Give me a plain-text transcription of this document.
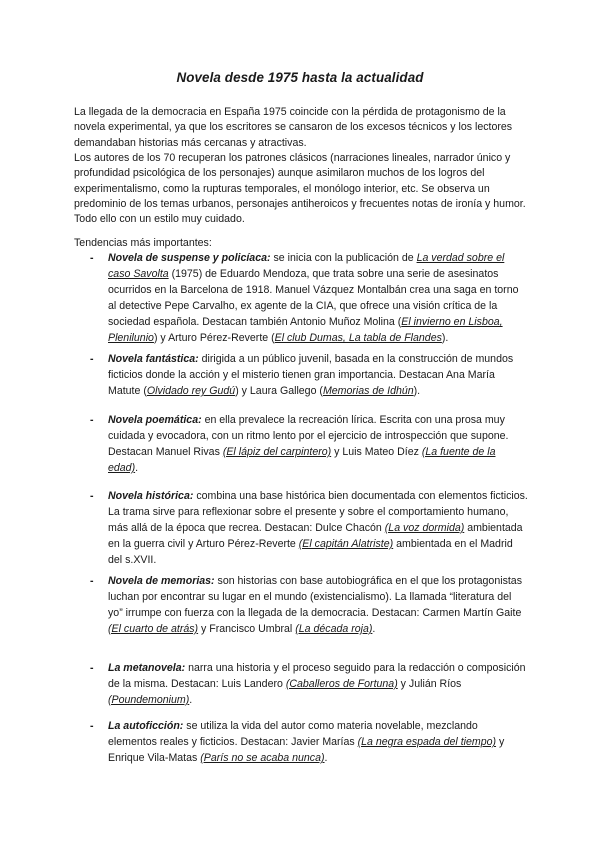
Novela desde 1975 hasta la actualidad
La llegada de la democracia en España 1975 coincide con la pérdida de protagonismo de la novela experimental, ya que los escritores se cansaron de los excesos técnicos y los lectores demandaban historias más cercanas y atractivas.
Los autores de los 70 recuperan los patrones clásicos (narraciones lineales, narrador único y profundidad psicológica de los personajes) aunque asimilaron muchos de los logros del experimentalismo, como la rupturas temporales, el monólogo interior, etc. Se observa un predominio de los temas urbanos, personajes antiheroicos y frecuentes notas de ironía y humor. Todo ello con un estilo muy cuidado.
Tendencias más importantes:
- Novela de suspense y policíaca: se inicia con la publicación de La verdad sobre el caso Savolta (1975) de Eduardo Mendoza, que trata sobre una serie de asesinatos ocurridos en la Barcelona de 1918. Manuel Vázquez Montalbán crea una saga en torno al detective Pepe Carvalho, ex agente de la CIA, que ofrece una visión crítica de la sociedad española. Destacan también Antonio Muñoz Molina (El invierno en Lisboa, Plenilunio) y Arturo Pérez-Reverte (El club Dumas, La tabla de Flandes).
- Novela fantástica: dirigida a un público juvenil, basada en la construcción de mundos ficticios donde la acción y el misterio tienen gran importancia. Destacan Ana María Matute (Olvidado rey Gudú) y Laura Gallego (Memorias de Idhún).
- Novela poemática: en ella prevalece la recreación lírica. Escrita con una prosa muy cuidada y evocadora, con un ritmo lento por el ejercicio de introspección que supone. Destacan Manuel Rivas (El lápiz del carpintero) y Luis Mateo Díez (La fuente de la edad).
- Novela histórica: combina una base histórica bien documentada con elementos ficticios. La trama sirve para reflexionar sobre el presente y sobre el comportamiento humano, más allá de la época que recrea. Destacan: Dulce Chacón (La voz dormida) ambientada en la guerra civil y Arturo Pérez-Reverte (El capitán Alatriste) ambientada en el Madrid del s.XVII.
- Novela de memorias: son historias con base autobiográfica en el que los protagonistas luchan por encontrar su lugar en el mundo (existencialismo). La llamada “literatura del yo” irrumpe con fuerza con la llegada de la democracia. Destacan: Carmen Martín Gaite (El cuarto de atrás) y Francisco Umbral (La década roja).
- La metanovela: narra una historia y el proceso seguido para la redacción o composición de la misma. Destacan: Luis Landero (Caballeros de Fortuna) y Julián Ríos (Poundemonium).
- La autoficción: se utiliza la vida del autor como materia novelable, mezclando elementos reales y ficticios. Destacan: Javier Marías (La negra espada del tiempo) y Enrique Vila-Matas (París no se acaba nunca).
